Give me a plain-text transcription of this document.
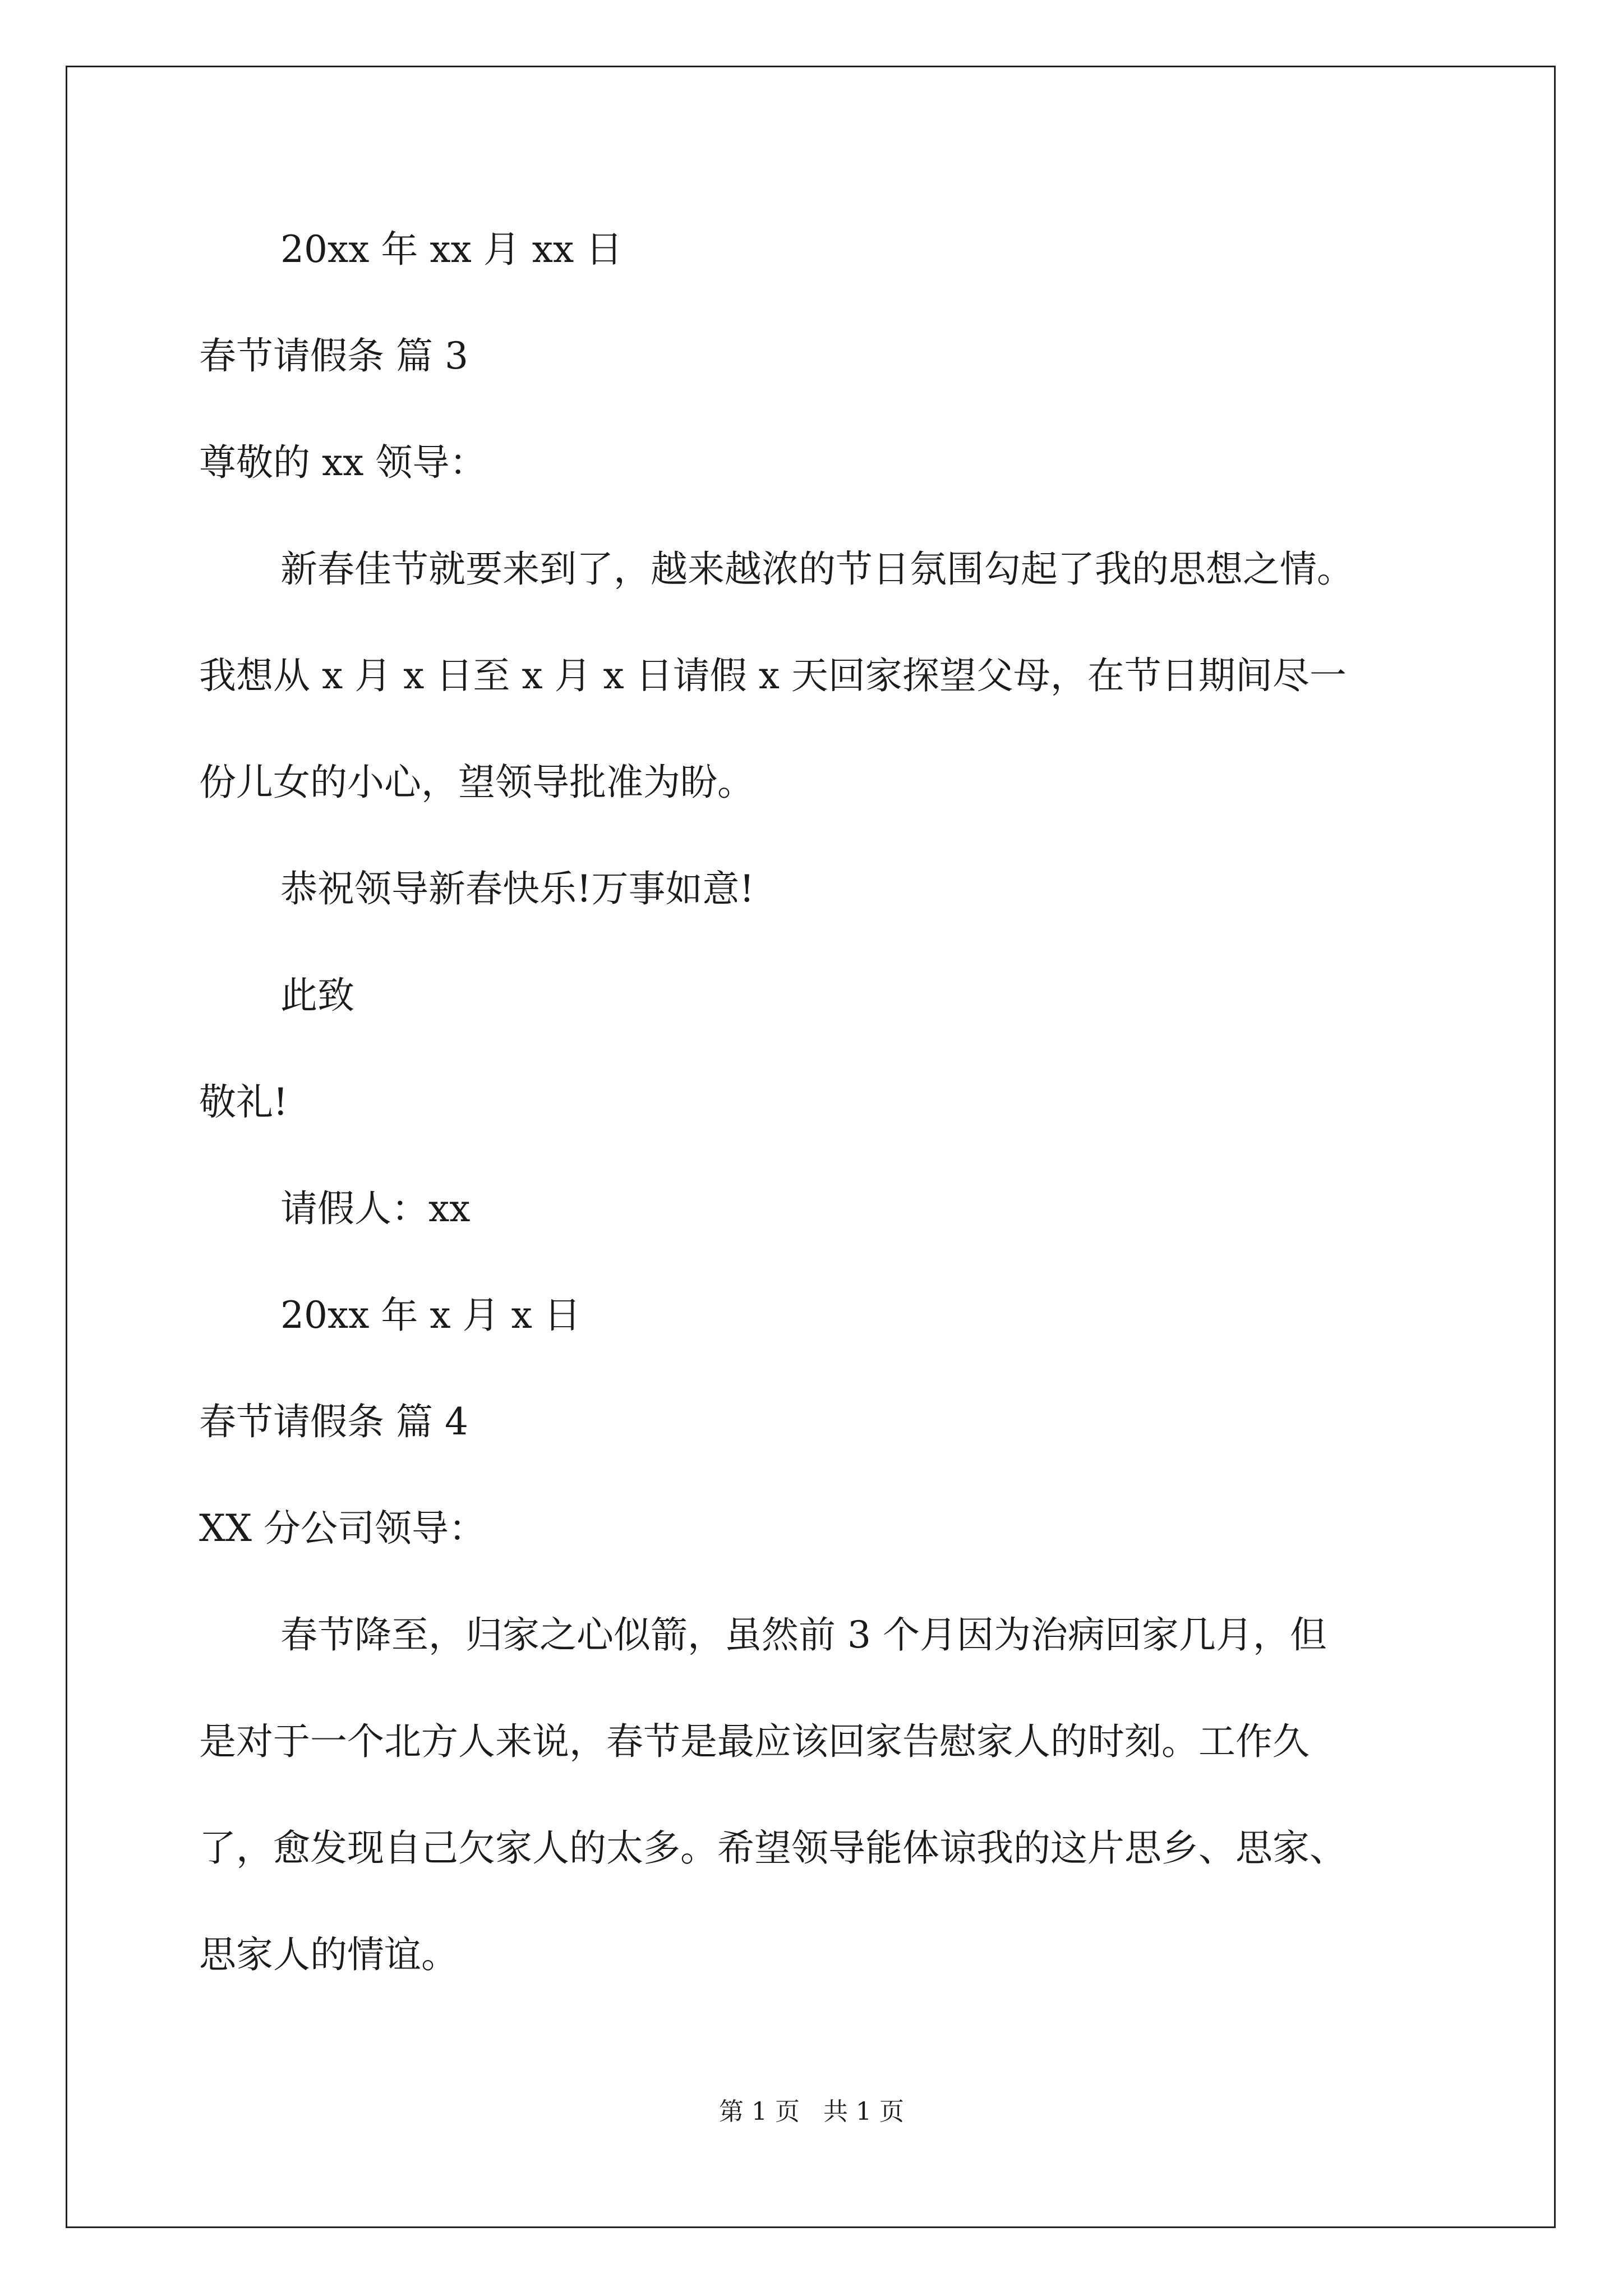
20xx 年 xx 月 xx 日

春节请假条 篇 3

尊敬的 xx 领导：

新春佳节就要来到了，越来越浓的节日氛围勾起了我的思想之情。

我想从 x 月 x 日至 x 月 x 日请假 x 天回家探望父母，在节日期间尽一

份儿女的小心，望领导批准为盼。

恭祝领导新春快乐!万事如意!

此致

敬礼!

请假人：xx

20xx 年 x 月 x 日

春节请假条 篇 4

XX 分公司领导：

春节降至，归家之心似箭，虽然前 3 个月因为治病回家几月，但

是对于一个北方人来说，春节是最应该回家告慰家人的时刻。工作久

了，愈发现自己欠家人的太多。希望领导能体谅我的这片思乡、思家、

思家人的情谊。

第 1 页   共 1 页
